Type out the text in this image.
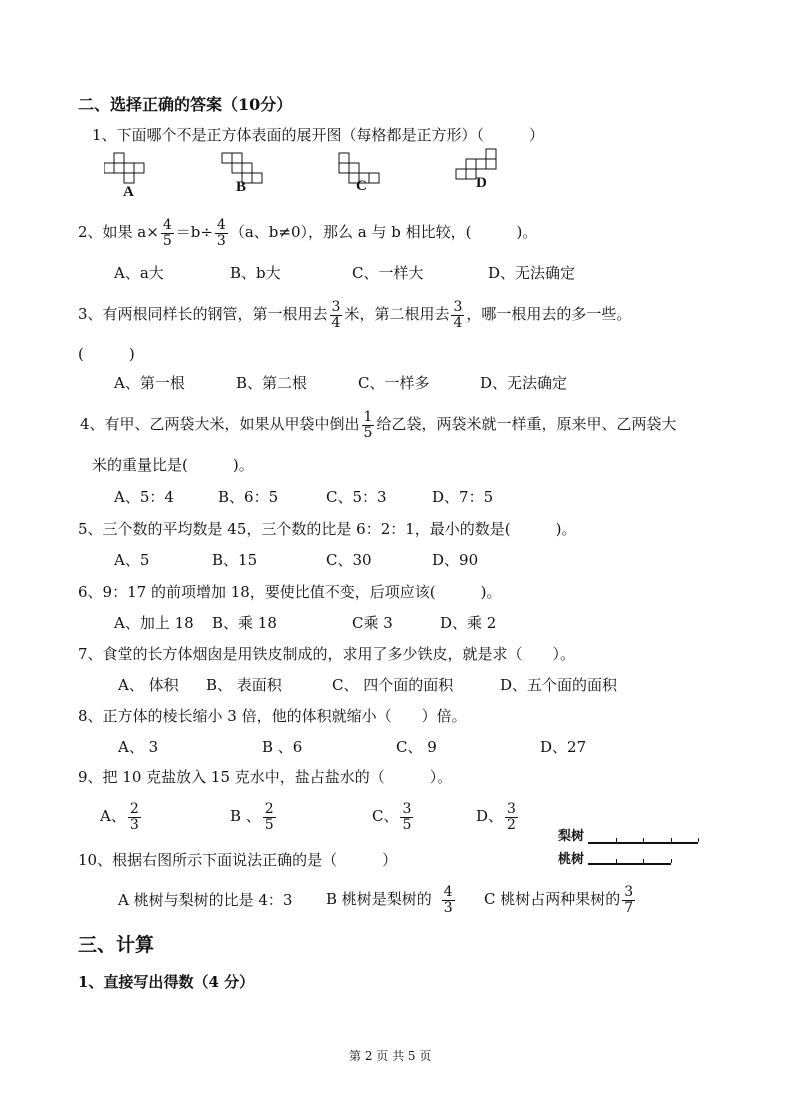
二、选择正确的答案（10分）
1、下面哪个不是正方体表面的展开图（每格都是正方形）（　　　）
A	B	C	D
2、如果 $a\times \frac{4}{5} =b\div \frac{4}{3} (a$、b≠0），那么 a 与 b 相比较，(　　　)。
A、a大	B、b大	C、一样大	D、无法确定
3、有两根同样长的钢管，第一根用去 $\frac{3}{4}$ 米，第二根用去 $\frac{3}{4}$ ，哪一根用去的多一些。
(　　　)
A、第一根	B、第二根	C、一样多	D、无法确定
4、有甲、乙两袋大米，如果从甲袋中倒出 $\frac{1}{5}$ 给乙袋，两袋米就一样重，原来甲、乙两袋大
米的重量比是(　　　)。
A、5：4	B、6：5	C、5：3	D、7：5
5、三个数的平均数是 45，三个数的比是 6：2：1，最小的数是(　　　)。
A、5	B、15	C、30	D、90
6、9：17 的前项增加 18，要使比值不变，后项应该(　　　)。
A、加上 18 B、乘 18	C乘 3	D、乘 2
7、食堂的长方体烟囱是用铁皮制成的，求用了多少铁皮，就是求（　　）。
A、 体积 B、 表面积	C、 四个面的面积	D、五个面的面积
8、正方体的棱长缩小 3 倍，他的体积就缩小（　　）倍。
A、 3	B 、6	C、 9	D、27
9、把 10 克盐放入 15 克水中，盐占盐水的（　　　）。
A、 $\frac{2}{3}$	B 、 $\frac{2}{5}$	C、 $\frac{3}{5}$	D、 $\frac{3}{2}$
梨树
桃树
10、根据右图所示下面说法正确的是（　　　）
A 桃树与梨树的比是 4：3 B 桃树是梨树的 $\frac{4}{3}$ C 桃树占两种果树的 $\frac{3}{7}$
三、计算
1、直接写出得数（4 分）
第 2 页 共 5 页
